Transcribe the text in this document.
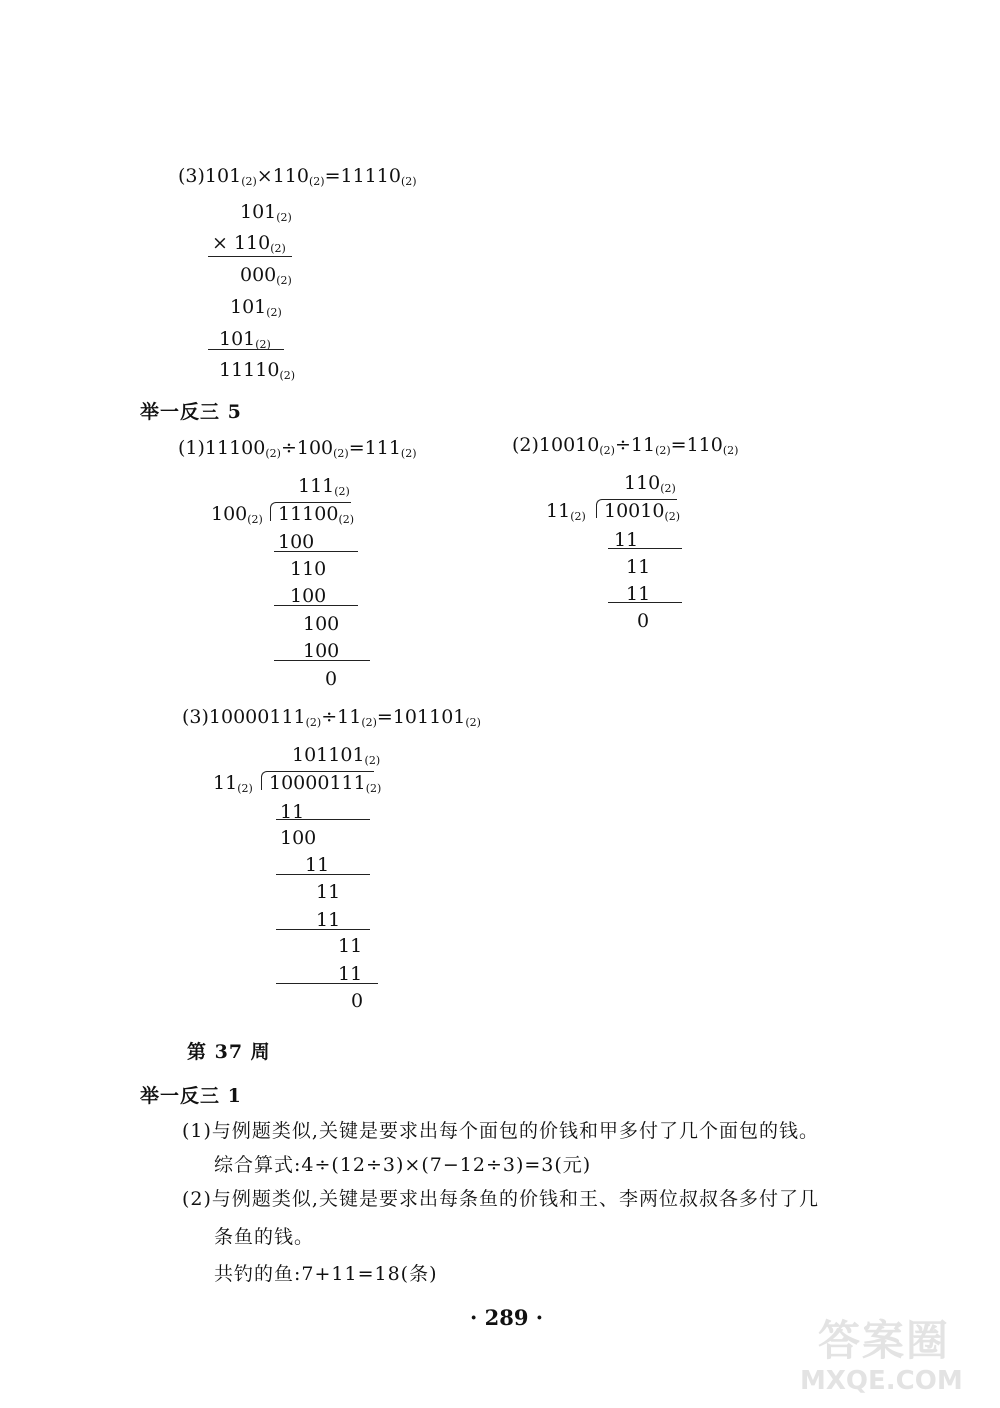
(3)101(2)×110(2)=11110(2)
101(2)
× 110(2)
000(2)
101(2)
101(2)
11110(2)
举一反三 5
(1)11100(2)÷100(2)=111(2)
111(2)
100(2) 11100(2)
100
110
100
100
100
0
(2)10010(2)÷11(2)=110(2)
110(2)
11(2) 10010(2)
11
11
11
0
(3)10000111(2)÷11(2)=101101(2)
101101(2)
11(2) 10000111(2)
11
100
11
11
11
11
11
0
第 37 周
举一反三 1
(1)与例题类似,关键是要求出每个面包的价钱和甲多付了几个面包的钱。
综合算式:4÷(12÷3)×(7−12÷3)=3(元)
(2)与例题类似,关键是要求出每条鱼的价钱和王、李两位叔叔各多付了几
条鱼的钱。
共钓的鱼:7+11=18(条)
· 289 ·	答案圈
MXQE.COM
